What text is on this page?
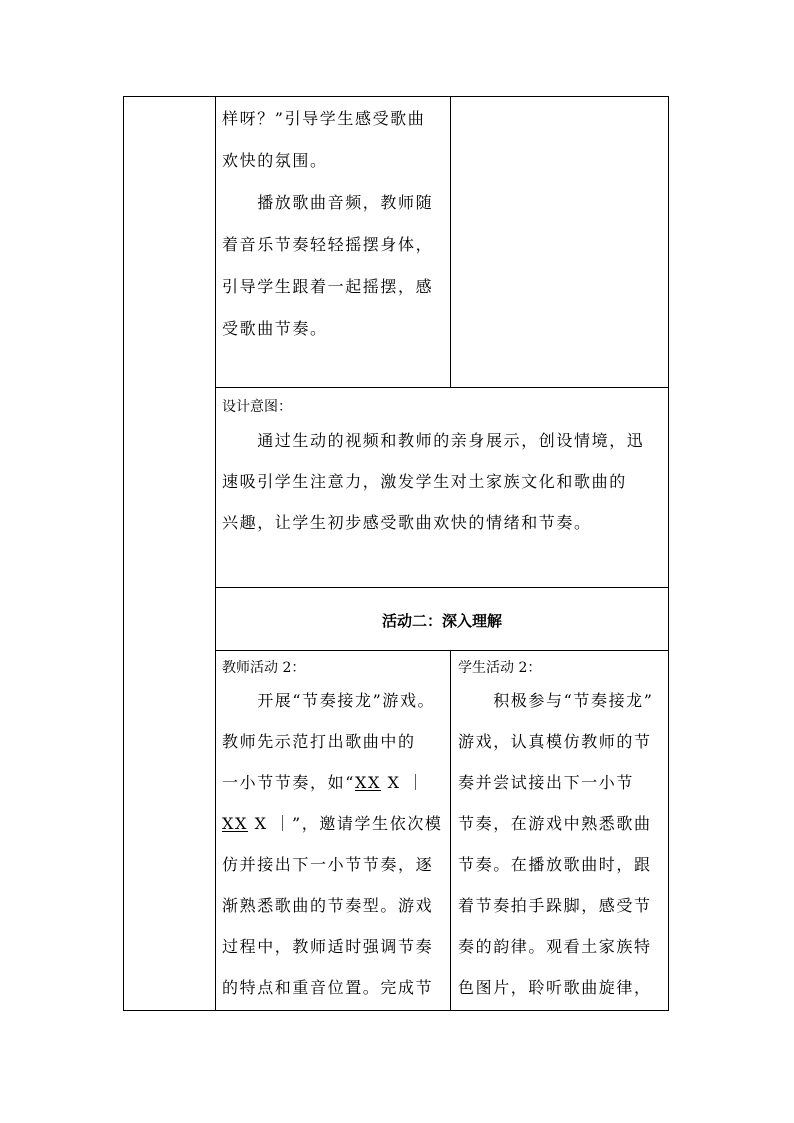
样呀？”引导学生感受歌曲
欢快的氛围。
　　播放歌曲音频，教师随
着音乐节奏轻轻摇摆身体，
引导学生跟着一起摇摆，感
受歌曲节奏。
设计意图：
　　通过生动的视频和教师的亲身展示，创设情境，迅
速吸引学生注意力，激发学生对土家族文化和歌曲的
兴趣，让学生初步感受歌曲欢快的情绪和节奏。
活动二：深入理解
教师活动 2：
　　开展“节奏接龙”游戏。
教师先示范打出歌曲中的
一小节节奏，如“XX X ｜
XX X ｜”，邀请学生依次模
仿并接出下一小节节奏，逐
渐熟悉歌曲的节奏型。游戏
过程中，教师适时强调节奏
的特点和重音位置。完成节
学生活动 2：
　　积极参与“节奏接龙”
游戏，认真模仿教师的节
奏并尝试接出下一小节
节奏，在游戏中熟悉歌曲
节奏。在播放歌曲时，跟
着节奏拍手跺脚，感受节
奏的韵律。观看土家族特
色图片，聆听歌曲旋律，
